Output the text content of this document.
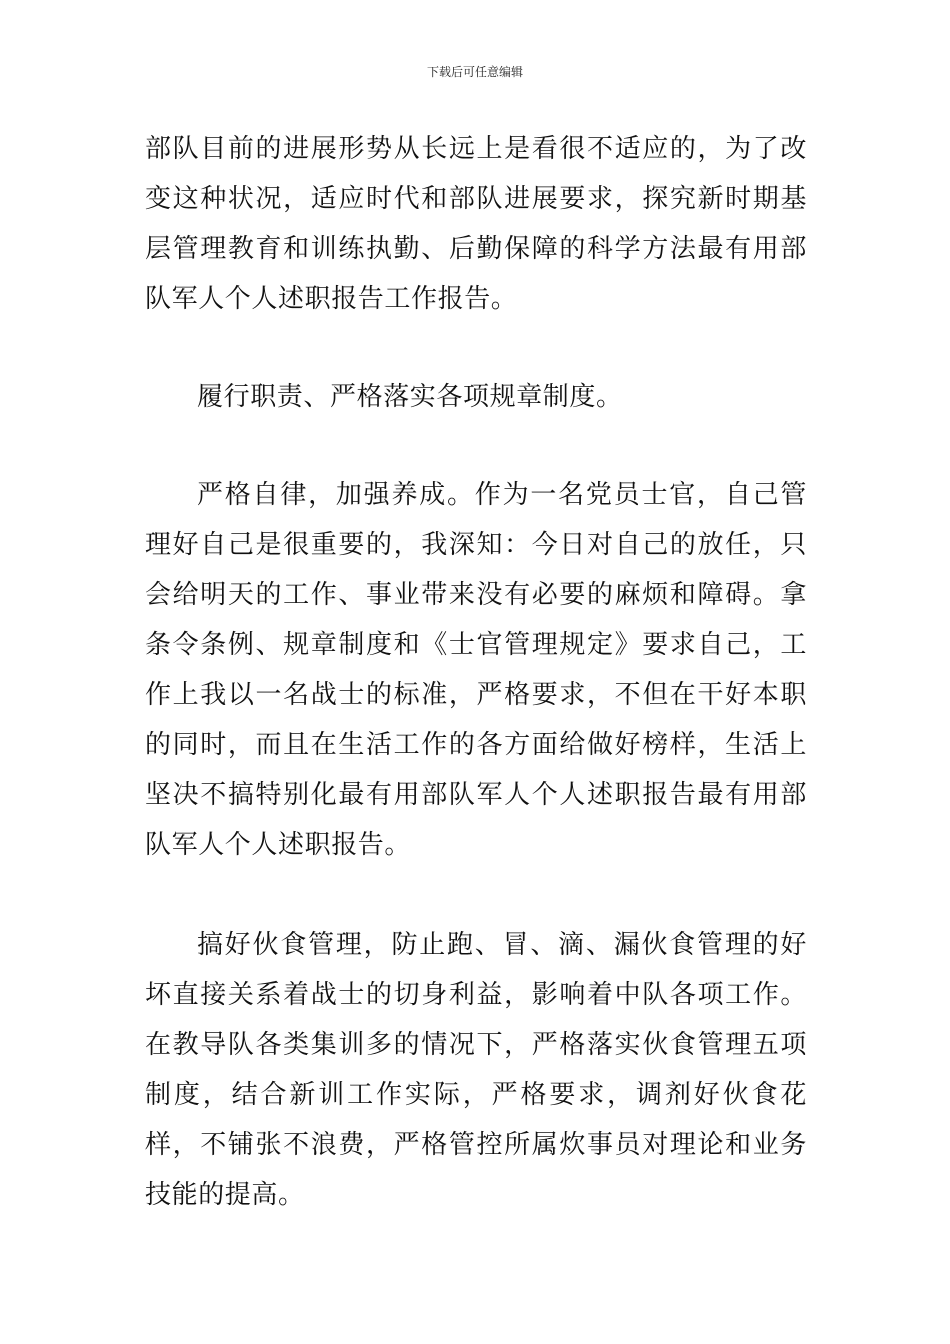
下载后可任意编辑

部队目前的进展形势从长远上是看很不适应的，为了改变这种状况，适应时代和部队进展要求，探究新时期基层管理教育和训练执勤、后勤保障的科学方法最有用部队军人个人述职报告工作报告。

履行职责、严格落实各项规章制度。

严格自律，加强养成。作为一名党员士官，自己管理好自己是很重要的，我深知：今日对自己的放任，只会给明天的工作、事业带来没有必要的麻烦和障碍。拿条令条例、规章制度和《士官管理规定》要求自己，工作上我以一名战士的标准，严格要求，不但在干好本职的同时，而且在生活工作的各方面给做好榜样，生活上坚决不搞特别化最有用部队军人个人述职报告最有用部队军人个人述职报告。

搞好伙食管理，防止跑、冒、滴、漏伙食管理的好坏直接关系着战士的切身利益，影响着中队各项工作。在教导队各类集训多的情况下，严格落实伙食管理五项制度，结合新训工作实际，严格要求，调剂好伙食花样，不铺张不浪费，严格管控所属炊事员对理论和业务技能的提高。
